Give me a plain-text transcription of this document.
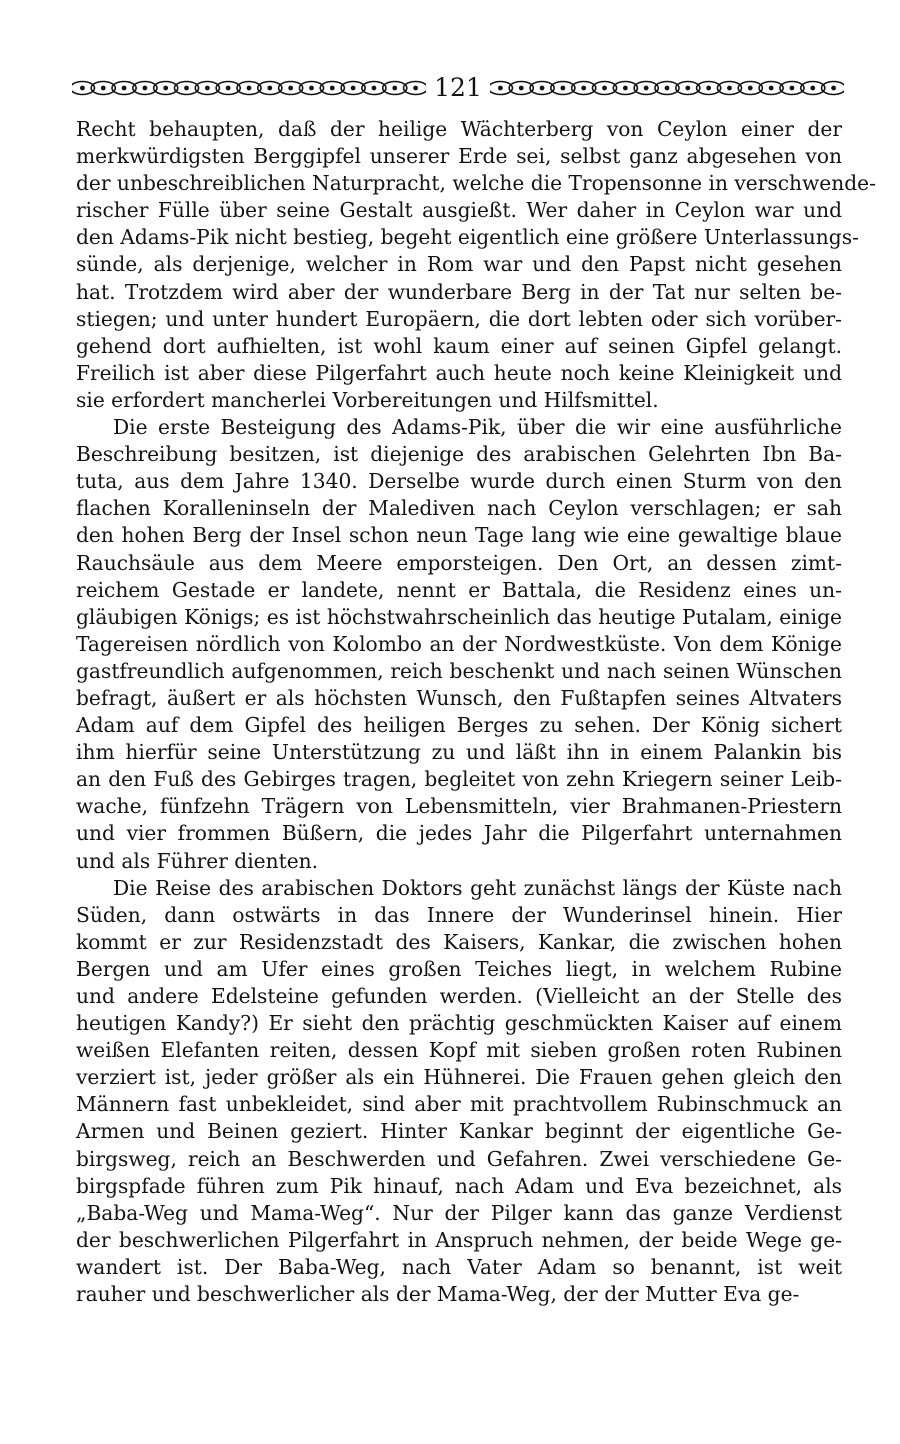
121
Recht behaupten, daß der heilige Wächterberg von Ceylon einer der
merkwürdigsten Berggipfel unserer Erde sei, selbst ganz abgesehen von
der unbeschreiblichen Naturpracht, welche die Tropensonne in verschwende-
rischer Fülle über seine Gestalt ausgießt. Wer daher in Ceylon war und
den Adams-Pik nicht bestieg, begeht eigentlich eine größere Unterlassungs-
sünde, als derjenige, welcher in Rom war und den Papst nicht gesehen
hat. Trotzdem wird aber der wunderbare Berg in der Tat nur selten be-
stiegen; und unter hundert Europäern, die dort lebten oder sich vorüber-
gehend dort aufhielten, ist wohl kaum einer auf seinen Gipfel gelangt.
Freilich ist aber diese Pilgerfahrt auch heute noch keine Kleinigkeit und
sie erfordert mancherlei Vorbereitungen und Hilfsmittel.
Die erste Besteigung des Adams-Pik, über die wir eine ausführliche
Beschreibung besitzen, ist diejenige des arabischen Gelehrten Ibn Ba-
tuta, aus dem Jahre 1340. Derselbe wurde durch einen Sturm von den
flachen Koralleninseln der Malediven nach Ceylon verschlagen; er sah
den hohen Berg der Insel schon neun Tage lang wie eine gewaltige blaue
Rauchsäule aus dem Meere emporsteigen. Den Ort, an dessen zimt-
reichem Gestade er landete, nennt er Battala, die Residenz eines un-
gläubigen Königs; es ist höchstwahrscheinlich das heutige Putalam, einige
Tagereisen nördlich von Kolombo an der Nordwestküste. Von dem Könige
gastfreundlich aufgenommen, reich beschenkt und nach seinen Wünschen
befragt, äußert er als höchsten Wunsch, den Fußtapfen seines Altvaters
Adam auf dem Gipfel des heiligen Berges zu sehen. Der König sichert
ihm hierfür seine Unterstützung zu und läßt ihn in einem Palankin bis
an den Fuß des Gebirges tragen, begleitet von zehn Kriegern seiner Leib-
wache, fünfzehn Trägern von Lebensmitteln, vier Brahmanen-Priestern
und vier frommen Büßern, die jedes Jahr die Pilgerfahrt unternahmen
und als Führer dienten.
Die Reise des arabischen Doktors geht zunächst längs der Küste nach
Süden, dann ostwärts in das Innere der Wunderinsel hinein. Hier
kommt er zur Residenzstadt des Kaisers, Kankar, die zwischen hohen
Bergen und am Ufer eines großen Teiches liegt, in welchem Rubine
und andere Edelsteine gefunden werden. (Vielleicht an der Stelle des
heutigen Kandy?) Er sieht den prächtig geschmückten Kaiser auf einem
weißen Elefanten reiten, dessen Kopf mit sieben großen roten Rubinen
verziert ist, jeder größer als ein Hühnerei. Die Frauen gehen gleich den
Männern fast unbekleidet, sind aber mit prachtvollem Rubinschmuck an
Armen und Beinen geziert. Hinter Kankar beginnt der eigentliche Ge-
birgsweg, reich an Beschwerden und Gefahren. Zwei verschiedene Ge-
birgspfade führen zum Pik hinauf, nach Adam und Eva bezeichnet, als
„Baba-Weg und Mama-Weg“. Nur der Pilger kann das ganze Verdienst
der beschwerlichen Pilgerfahrt in Anspruch nehmen, der beide Wege ge-
wandert ist. Der Baba-Weg, nach Vater Adam so benannt, ist weit
rauher und beschwerlicher als der Mama-Weg, der der Mutter Eva ge-
